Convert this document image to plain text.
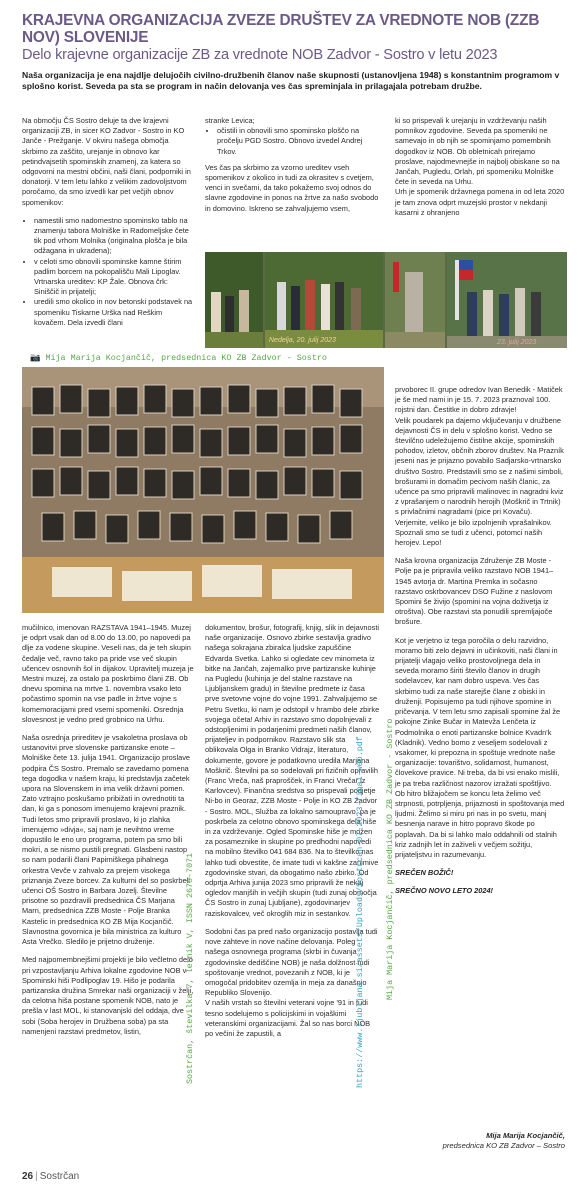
KRAJEVNA ORGANIZACIJA ZVEZE DRUŠTEV ZA VREDNOTE NOB (ZZB NOV) SLOVENIJE
Delo krajevne organizacije ZB za vrednote NOB Zadvor - Sostro v letu 2023
Naša organizacija je ena najdlje delujočih civilno-družbenih članov naše skupnosti (ustanovljena 1948) s konstantnim programom v splošno korist. Seveda pa sta se program in način delovanja ves čas spreminjala in prilagajala potrebam družbe.

Na območju ČS Sostro deluje ta dve krajevni organizaciji ZB, in sicer KO Zadvor - Sostro in KO Janče - Prežganje. V okviru našega območja skrbimo za zaščito, urejanje in obnovo kar petindvajsetih spominskih znamenj, za katera so odgovorni na mestni občini, naši člani, podporniki in donatorji. V tem letu lahko z velikim zadovoljstvom poročamo, da smo izvedli kar pet večjih obnov spomenikov:

• namestili smo nadomestno spominsko tablo na znamenju tabora Molniške in Radomeljske čete tik pod vrhom Molnika (originalna plošča je bila odžagana in ukradena);
• v celoti smo obnovili spominske kamne štirim padlim borcem na pokopališču Mali Lipoglav. Vrtnarska ureditev: KP Žale. Obnova črk: Siniščič in prijatelji;
• uredili smo okolico in nov betonski podstavek na spomeniku Tiskarne Urška nad Reškim kovačem. Dela izvedli člani
stranke Levica;
• očistili in obnovili smo spominsko ploščo na pročelju PGD Sostro. Obnovo izvedel Andrej Trkov.

Ves čas pa skrbimo za vzorno ureditev vseh spomenikov z okolico in tudi za okrasitev s cvetjem, venci in svečami, da tako pokažemo svoj odnos do slavne zgodovine in ponos na žrtve za našo svobodo in domovino. Iskreno se zahvaljujemo vsem,

ki so prispevali k urejanju in vzdrževanju naših pomnikov zgodovine. Seveda pa spomeniki ne samevajo in ob njih se spominjamo pomembnih dogodkov iz NOB. Ob obletnicah prirejamo proslave, najodmevnejše in najbolj obiskane so na Jančah, Pugledu, Orlah, pri spomeniku Molniške čete in seveda na Urhu.

Urh je spomenik državnega pomena in od leta 2020 je tam znova odprt muzejski prostor v nekdanji kasarni z ohranjeno

Nedelja, 20. julij 2023	23. julij 2023
📷 Mija Marija Kocjančič, predsednica KO ZB Zadvor - Sostro

prvoborec II. grupe odredov Ivan Benedik - Matiček je še med nami in je 15. 7. 2023 praznoval 100. rojstni dan. Čestitke in dobro zdravje!

Velik poudarek pa dajemo vključevanju v družbene dejavnosti ČS in delu v splošno korist. Vedno se številčno udeležujemo čistilne akcije, spominskih pohodov, izletov, občnih zborov društev. Na Prazník jeseni nas je prijazno povabilo Sadjarsko-vrtnarsko društvo Sostro. Predstavili smo se z našimi simboli, brošurami in domačim pecivom naših članic, za učence pa smo pripravili malinovec in nagradni kviz z vprašanjem o narodnih herojih (Moškrič in Trtnik) s privlačnimi nagradami (pice pri Kovaču). Verjemite, veliko je bilo izpolnjenih vprašalnikov. Spoznali smo se tudi z učenci, potomci naših herojev. Lepo!

Naša krovna organizacija Združenje ZB Moste - Polje pa je pripravila veliko razstavo NOB 1941–1945 avtorja dr. Martina Premka in sočasno razstavo oskrbovancev DSO Fužine z naslovom Spomini še živijo (spomini na vojna doživetja iz otroštva). Obe razstavi sta ponudili spremljajoče brošure.

Kot je verjetno iz tega poročila o delu razvidno, moramo biti zelo dejavni in učinkoviti, naši člani in prijatelji vlagajo veliko prostovoljnega dela in seveda moramo širiti število članov in drugih sodelavcev, kar nam dobro uspeva. Ves čas skrbimo tudi za naše starejše člane z obiski in druženji. Popisujemo pa tudi njihove spomine in pričevanja. V tem letu smo zapisali spomine žal že pokojne Zinke Bučar in Matevža Lenčeta iz Podmolnika o enoti partizanske bolnice Kvadn'k (Kladnik). Vedno bomo z veseljem sodelovali z vsakomer, ki prepozna in spoštuje vrednote naše organizacije: tovarištvo, solidarnost, humanost, človekove pravice. Ni treba, da bi vsi enako mislili, je pa treba različnost nazorov izražati spoštljivo.

Ob hitro bližajočem se koncu leta želimo več strpnosti, potrpljenja, prijaznosti in spoštovanja med ljudmi. Želimo si miru pri nas in po svetu, manj besnenja narave in hitro popravo škode po poplavah. Da bi si lahko malo oddahnili od stalnih kriz zadnjih let in zaživeli v večjem sožitju, prijateljstvu in razumevanju.

SREČEN BOŽIČ!

SREČNO NOVO LETO 2024!

mučilnico, imenovan RAZSTAVA 1941–1945. Muzej je odprt vsak dan od 8.00 do 13.00, po napovedi pa dlje za vodene skupine. Veseli nas, da je teh skupin čedalje več, ravno tako pa pride vse več skupin učencev osnovnih šol in dijakov. Upravitelj muzeja je Mestni muzej, za ostalo pa poskrbimo člani ZB. Ob dnevu spomina na mrtve 1. novembra vsako leto počastimo spomin na vse padle in žrtve vojne s komemoracijami pred vsemi spomeniki. Osrednja slovesnost je vedno pred grobnico na Urhu.

Naša osrednja prireditev je vsakoletna proslava ob ustanovitvi prve slovenske partizanske enote – Molniške čete 13. julija 1941. Organizacijo proslave podpira ČS Sostro. Premalo se zavedamo pomena tega dogodka v našem kraju, ki predstavlja začetek upora na Slovenskem in ima velik državni pomen. Zato vztrajno poskušamo pribižati in ovrednotiti ta dan, ki ga s ponosom imenujemo krajevni praznik. Tudi letos smo pripravili proslavo, ki jo zlahka imenujemo »divja«, saj nam je nevihtno vreme dopustilo le eno uro programa, potem pa smo bili mokri, a se nismo pustili pregnati. Glasbeni nastop so nam podarili člani Papirniškega pihalnega orkestra Vevče v zahvalo za prejem visokega priznanja Zveze borcev. Za kulturni del so poskrbeli učenci OŠ Sostro in Barbara Jozelj. Številne prisotne so pozdravili predsednica ČS Marjana Marn, predsednica ZZB Moste - Polje Branka Kastelic in predsednica KO ZB Mija Kocjančič. Slavnostna govornica je bila ministrica za kulturo Asta Vrečko. Sledilo je prijetno druženje.

Med najpomembnejšimi projekti je bilo večletno delo pri vzpostavljanju Arhiva lokalne zgodovine NOB v Spominski hiši Podlipoglav 19. Hišo je podarila partizanska družina Smrekar naši organizaciji v želji, da celotna hiša postane spomenik NOB, nato je prešla v last MOL, ki stanovanjski del oddaja, dve sobi (Soba herojev in Družbena soba) pa sta namenjeni razstavi predmetov, listin,

dokumentov, brošur, fotografij, knjig, slik in dejavnosti naše organizacije. Osnovo zbirke sestavlja gradivo našega sokrajana zbiralca ljudske zapuščine Edvarda Svetka. Lahko si ogledate cev minometa iz bitke na Jančah, zajemalko prve partizanske kuhinje na Pugledu (kuhinja je del stalne razstave na Ljubljanskem gradu) in številne predmete iz časa prve svetovne vojne do vojne 1991. Zahvaljujemo se Petru Svetku, ki nam je odstopil v hrambo dele zbirke svojega očeta! Arhiv in razstavo smo dopolnjevali z odstopljenimi in podarjenimi predmeti naših članov, prijateljev in podpornikov. Razstavo slik sta oblikovala Olga in Branko Vidrajz, literaturo, dokumente, govore je podatkovno uredila Marjana Moškrič. Številni pa so sodelovali pri fizičnih opravilih (Franc Vreča, naš praprošček, in Franci Vrečar iz Karlovcev). Finančna sredstva so prispevali podjetje Ni-bo in Georaz, ZZB Moste - Polje in KO ZB Zadvor - Sostro. MOL, Služba za lokalno samoupravo, pa je poskrbela za celotno obnovo spominskega dela hiše in za vzdrževanje. Ogled Spominske hiše je možen za posameznike in skupine po predhodni napovedi na mobilno številko 041 684 836. Na to številko nas lahko tudi obvestite, če imate tudi vi kakšne zanimive zgodovinske stvari, da obogatimo našo zbirko. Od odprtja Arhiva junija 2023 smo pripravili že nekaj ogledov manjših in večjih skupin (tudi zunaj območja ČS Sostro in zunaj Ljubljane), zgodovinarjev raziskovalcev, več okroglih miz in sestankov.

Sodobni čas pa pred našo organizacijo postavlja tudi nove zahteve in nove načine delovanja. Poleg našega osnovnega programa (skrbi in čuvanja zgodovinske dediščine NOB) je naša dolžnost tudi spoštovanje vrednot, povezanih z NOB, ki je omogočal pridobitev ozemlja in meja za današnjo Republiko Slovenijo.

V naših vrstah so številni veterani vojne '91 in tudi tesno sodelujemo s policijskimi in vojaškimi veteranskimi organizacijami. Žal so nas borci NOB po večini že zapustili, a

Sostrčan, številka 7, letnik V, ISSN 2670-7071	https://www.ljubljana.si/assets/Uploads/Sostrcan-07-2023-final-web.pdf Mija Marija Kocjančič, predsednica KO ZB Zadvor - Sostro
Mija Marija Kocjančič,
predsednica KO ZB Zadvor – Sostro
26 | Sostrčan
